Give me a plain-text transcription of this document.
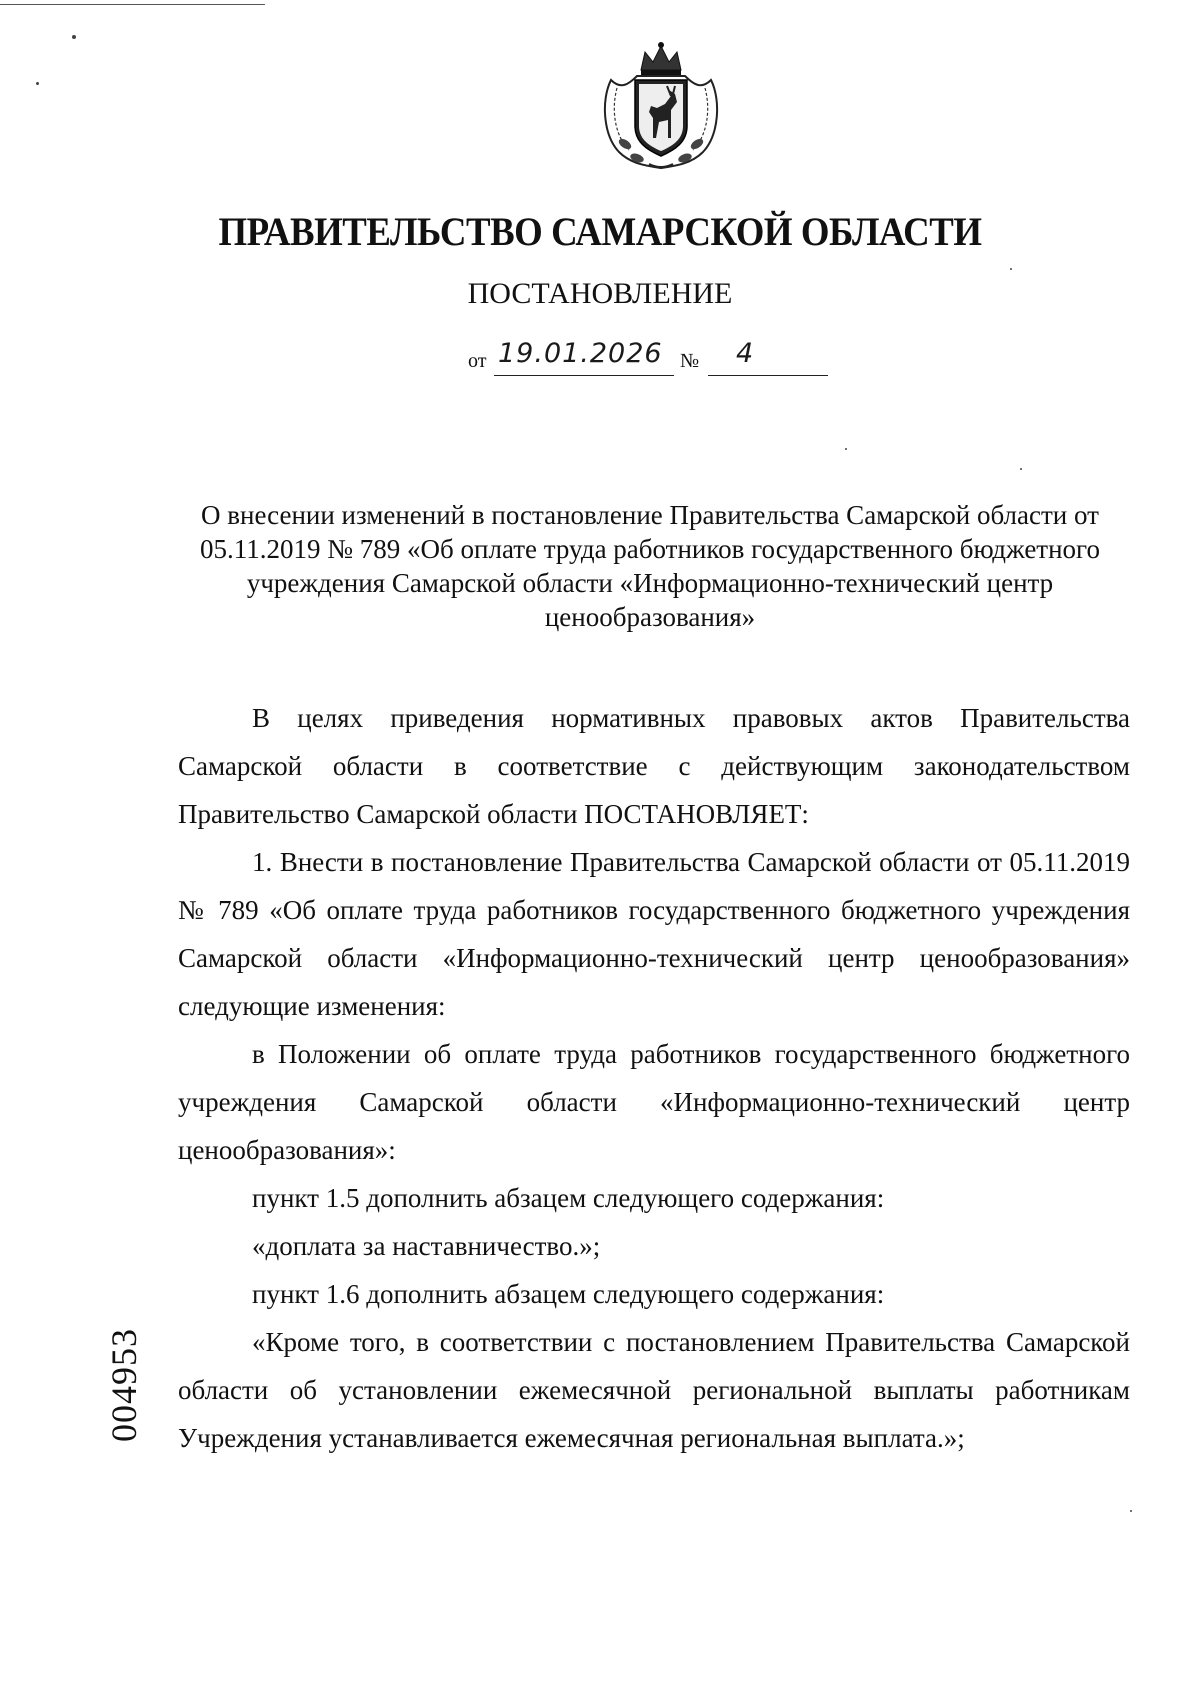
ПРАВИТЕЛЬСТВО САМАРСКОЙ ОБЛАСТИ
ПОСТАНОВЛЕНИЕ
от 19.01.2026 № 4
О внесении изменений в постановление Правительства Самарской области от 05.11.2019 № 789 «Об оплате труда работников государственного бюджетного учреждения Самарской области «Информационно-технический центр ценообразования»

В целях приведения нормативных правовых актов Правительства Самарской области в соответствие с действующим законодательством Правительство Самарской области ПОСТАНОВЛЯЕТ:

1. Внести в постановление Правительства Самарской области от 05.11.2019 № 789 «Об оплате труда работников государственного бюджетного учреждения Самарской области «Информационно-технический центр ценообразования» следующие изменения:

в Положении об оплате труда работников государственного бюджетного учреждения Самарской области «Информационно-технический центр ценообразования»:

пункт 1.5 дополнить абзацем следующего содержания:

«доплата за наставничество.»;

пункт 1.6 дополнить абзацем следующего содержания:

«Кроме того, в соответствии с постановлением Правительства Самарской области об установлении ежемесячной региональной выплаты работникам Учреждения устанавливается ежемесячная региональная выплата.»;

004953
